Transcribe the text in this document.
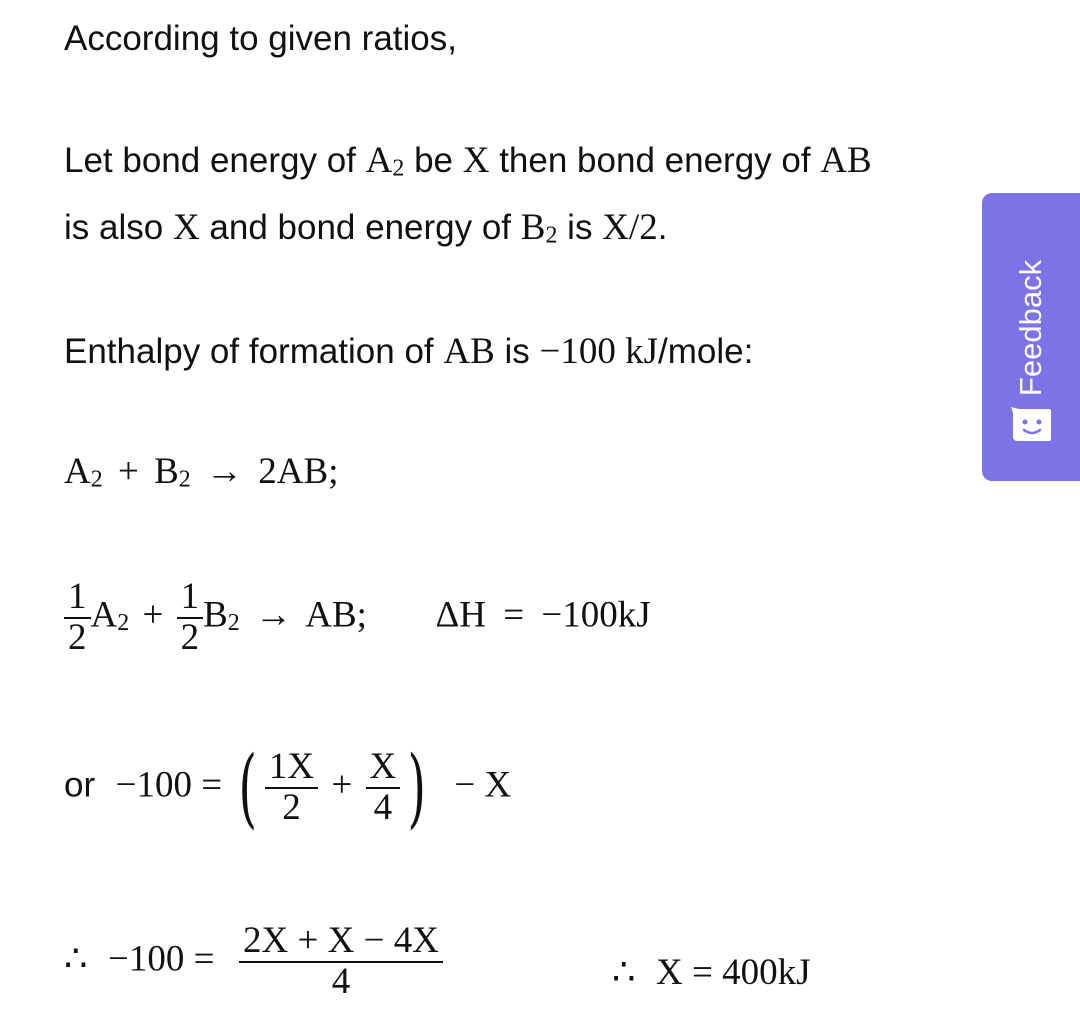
According to given ratios,
Let bond energy of $A_2$ be X then bond energy of AB
is also X and bond energy of $B_2$ is X/2.
Enthalpy of formation of AB is −100 kJ/mole:
$A_2 + B_2 \to 2AB$;
$\frac{1}{2} A_2 + \frac{1}{2} B_2$ → AB; ΔH = −100kJ
or −100 = ( $\frac{1X}{2} + \frac{X}{4}$ ) − X
∴ $-100 = \frac{2X + X - 4X}{4}$	∴ X = 400kJ
Feedback
